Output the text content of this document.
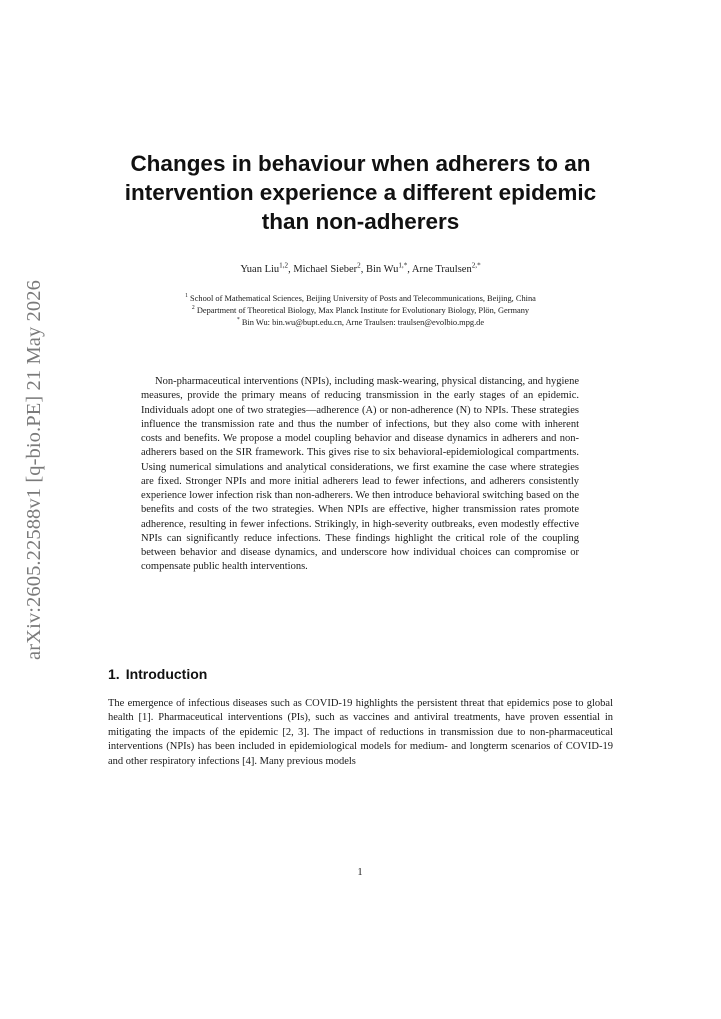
arXiv:2605.22588v1 [q-bio.PE] 21 May 2026
Changes in behaviour when adherers to an
intervention experience a different epidemic
than non-adherers
Yuan Liu$^{1,2}$, Michael Sieber$^2$, Bin $Wu^{1,*}$, Arne Traulsen$^{2,*}$
$^1$ School of Mathematical Sciences, Beijing University of Posts and Telecommunications, Beijing, China
$^2$ Department of Theoretical Biology, Max Planck Institute for Evolutionary Biology, Plön, Germany
* Bin Wu: bin.wu@bupt.edu.cn, Arne Traulsen: traulsen@evolbio.mpg.de
Non-pharmaceutical interventions (NPIs), including mask-wearing, physical distancing, and hygiene measures, provide the primary means of reducing transmission in the early stages of an epidemic. Individuals adopt one of two strategies—adherence (A) or non-adherence (N) to NPIs. These strategies influence the transmission rate and thus the number of infections, but they also come with inherent costs and benefits. We propose a model coupling behavior and disease dynamics in adherers and non-adherers based on the SIR framework. This gives rise to six behavioral-epidemiological compartments. Using numerical simulations and analytical considerations, we first examine the case where strategies are fixed. Stronger NPIs and more initial adherers lead to fewer infections, and adherers consistently experience lower infection risk than non-adherers. We then introduce behavioral switching based on the benefits and costs of the two strategies. When NPIs are effective, higher transmission rates promote adherence, resulting in fewer infections. Strikingly, in high-severity outbreaks, even modestly effective NPIs can significantly reduce infections. These findings highlight the critical role of the coupling between behavior and disease dynamics, and underscore how individual choices can compromise or compensate public health interventions.
1. Introduction
The emergence of infectious diseases such as COVID-19 highlights the persistent threat that epidemics pose to global health [1]. Pharmaceutical interventions (PIs), such as vaccines and antiviral treatments, have proven essential in mitigating the impacts of the epidemic [2, 3]. The impact of reductions in transmission due to non-pharmaceutical interventions (NPIs) has been included in epidemiological models for medium- and longterm scenarios of COVID-19 and other respiratory infections [4]. Many previous models
1
